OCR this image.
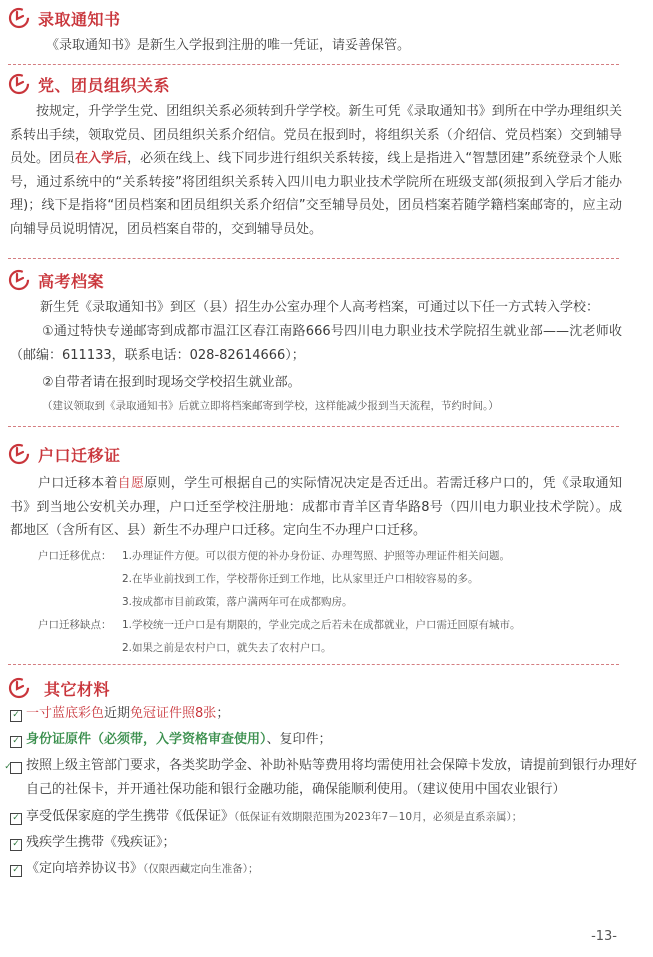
录取通知书
《录取通知书》是新生入学报到注册的唯一凭证，请妥善保管。
党、团员组织关系
按规定，升学学生党、团组织关系必须转到升学学校。新生可凭《录取通知书》到所在中学办理组织关系转出手续，领取党员、团员组织关系介绍信。党员在报到时，将组织关系（介绍信、党员档案）交到辅导员处。团员在入学后，必须在线上、线下同步进行组织关系转接，线上是指进入“智慧团建”系统登录个人账号，通过系统中的“关系转接”将团组织关系转入四川电力职业技术学院所在班级支部(须报到入学后才能办理)；线下是指将“团员档案和团员组织关系介绍信”交至辅导员处，团员档案若随学籍档案邮寄的，应主动向辅导员说明情况，团员档案自带的，交到辅导员处。
高考档案
新生凭《录取通知书》到区（县）招生办公室办理个人高考档案，可通过以下任一方式转入学校：
①通过特快专递邮寄到成都市温江区春江南路666号四川电力职业技术学院招生就业部——沈老师收（邮编：611133，联系电话：028-82614666）；
②自带者请在报到时现场交学校招生就业部。
（建议领取到《录取通知书》后就立即将档案邮寄到学校，这样能减少报到当天流程，节约时间。）
户口迁移证
户口迁移本着自愿原则，学生可根据自己的实际情况决定是否迁出。若需迁移户口的，凭《录取通知书》到当地公安机关办理，户口迁至学校注册地：成都市青羊区青华路8号（四川电力职业技术学院）。成都地区（含所有区、县）新生不办理户口迁移。定向生不办理户口迁移。
户口迁移优点： 1.办理证件方便。可以很方便的补办身份证、办理驾照、护照等办理证件相关问题。
2.在毕业前找到工作，学校帮你迁到工作地，比从家里迁户口相较容易的多。
3.按成都市目前政策，落户满两年可在成都购房。
户口迁移缺点： 1.学校统一迁户口是有期限的，学业完成之后若未在成都就业，户口需迁回原有城市。
2.如果之前是农村户口，就失去了农村户口。
其它材料
✓ 一寸蓝底彩色近期免冠证件照8张；
✓ 身份证原件（必须带，入学资格审查使用）、复印件；
✓ 按照上级主管部门要求，各类奖助学金、补助补贴等费用将均需使用社会保障卡发放，请提前到银行办理好自己的社保卡，并开通社保功能和银行金融功能，确保能顺利使用。（建议使用中国农业银行）
✓ 享受低保家庭的学生携带《低保证》（低保证有效期限范围为2023年7－10月，必须是直系亲属）；
✓ 残疾学生携带《残疾证》；
✓ 《定向培养协议书》（仅限西藏定向生准备）；
-13-
